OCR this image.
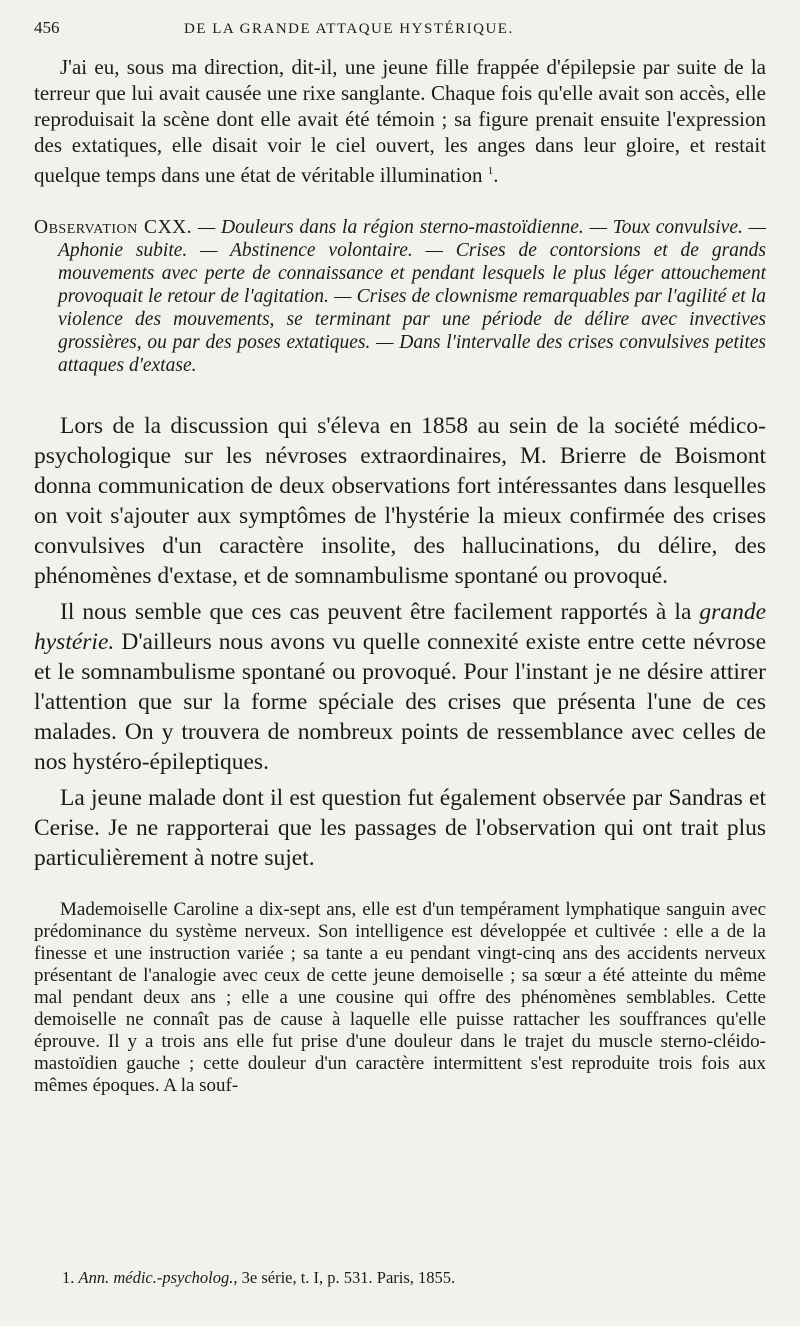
456	DE LA GRANDE ATTAQUE HYSTÉRIQUE.

J'ai eu, sous ma direction, dit-il, une jeune fille frappée d'épilepsie par suite de la terreur que lui avait causée une rixe sanglante. Chaque fois qu'elle avait son accès, elle reproduisait la scène dont elle avait été témoin ; sa figure prenait ensuite l'expression des extatiques, elle disait voir le ciel ouvert, les anges dans leur gloire, et restait quelque temps dans une état de véritable illumination $^1$.

Observation CXX. — Douleurs dans la région sterno-mastoïdienne. — Toux convulsive. — Aphonie subite. — Abstinence volontaire. — Crises de contorsions et de grands mouvements avec perte de connaissance et pendant lesquels le plus léger attouchement provoquait le retour de l'agitation. — Crises de clownisme remarquables par l'agilité et la violence des mouvements, se terminant par une période de délire avec invectives grossières, ou par des poses extatiques. — Dans l'intervalle des crises convulsives petites attaques d'extase.

Lors de la discussion qui s'éleva en 1858 au sein de la société médico-psychologique sur les névroses extraordinaires, M. Brierre de Boismont donna communication de deux observations fort intéressantes dans lesquelles on voit s'ajouter aux symptômes de l'hystérie la mieux confirmée des crises convulsives d'un caractère insolite, des hallucinations, du délire, des phénomènes d'extase, et de somnambulisme spontané ou provoqué.

Il nous semble que ces cas peuvent être facilement rapportés à la grande hystérie. D'ailleurs nous avons vu quelle connexité existe entre cette névrose et le somnambulisme spontané ou provoqué. Pour l'instant je ne désire attirer l'attention que sur la forme spéciale des crises que présenta l'une de ces malades. On y trouvera de nombreux points de ressemblance avec celles de nos hystéro-épileptiques.

La jeune malade dont il est question fut également observée par Sandras et Cerise. Je ne rapporterai que les passages de l'observation qui ont trait plus particulièrement à notre sujet.

Mademoiselle Caroline a dix-sept ans, elle est d'un tempérament lymphatique sanguin avec prédominance du système nerveux. Son intelligence est développée et cultivée : elle a de la finesse et une instruction variée ; sa tante a eu pendant vingt-cinq ans des accidents nerveux présentant de l'analogie avec ceux de cette jeune demoiselle ; sa sœur a été atteinte du même mal pendant deux ans ; elle a une cousine qui offre des phénomènes semblables. Cette demoiselle ne connaît pas de cause à laquelle elle puisse rattacher les souffrances qu'elle éprouve. Il y a trois ans elle fut prise d'une douleur dans le trajet du muscle sterno-cléido-mastoïdien gauche ; cette douleur d'un caractère intermittent s'est reproduite trois fois aux mêmes époques. A la souf-

1. Ann. médic.-psycholog., 3e série, t. I, p. 531. Paris, 1855.
